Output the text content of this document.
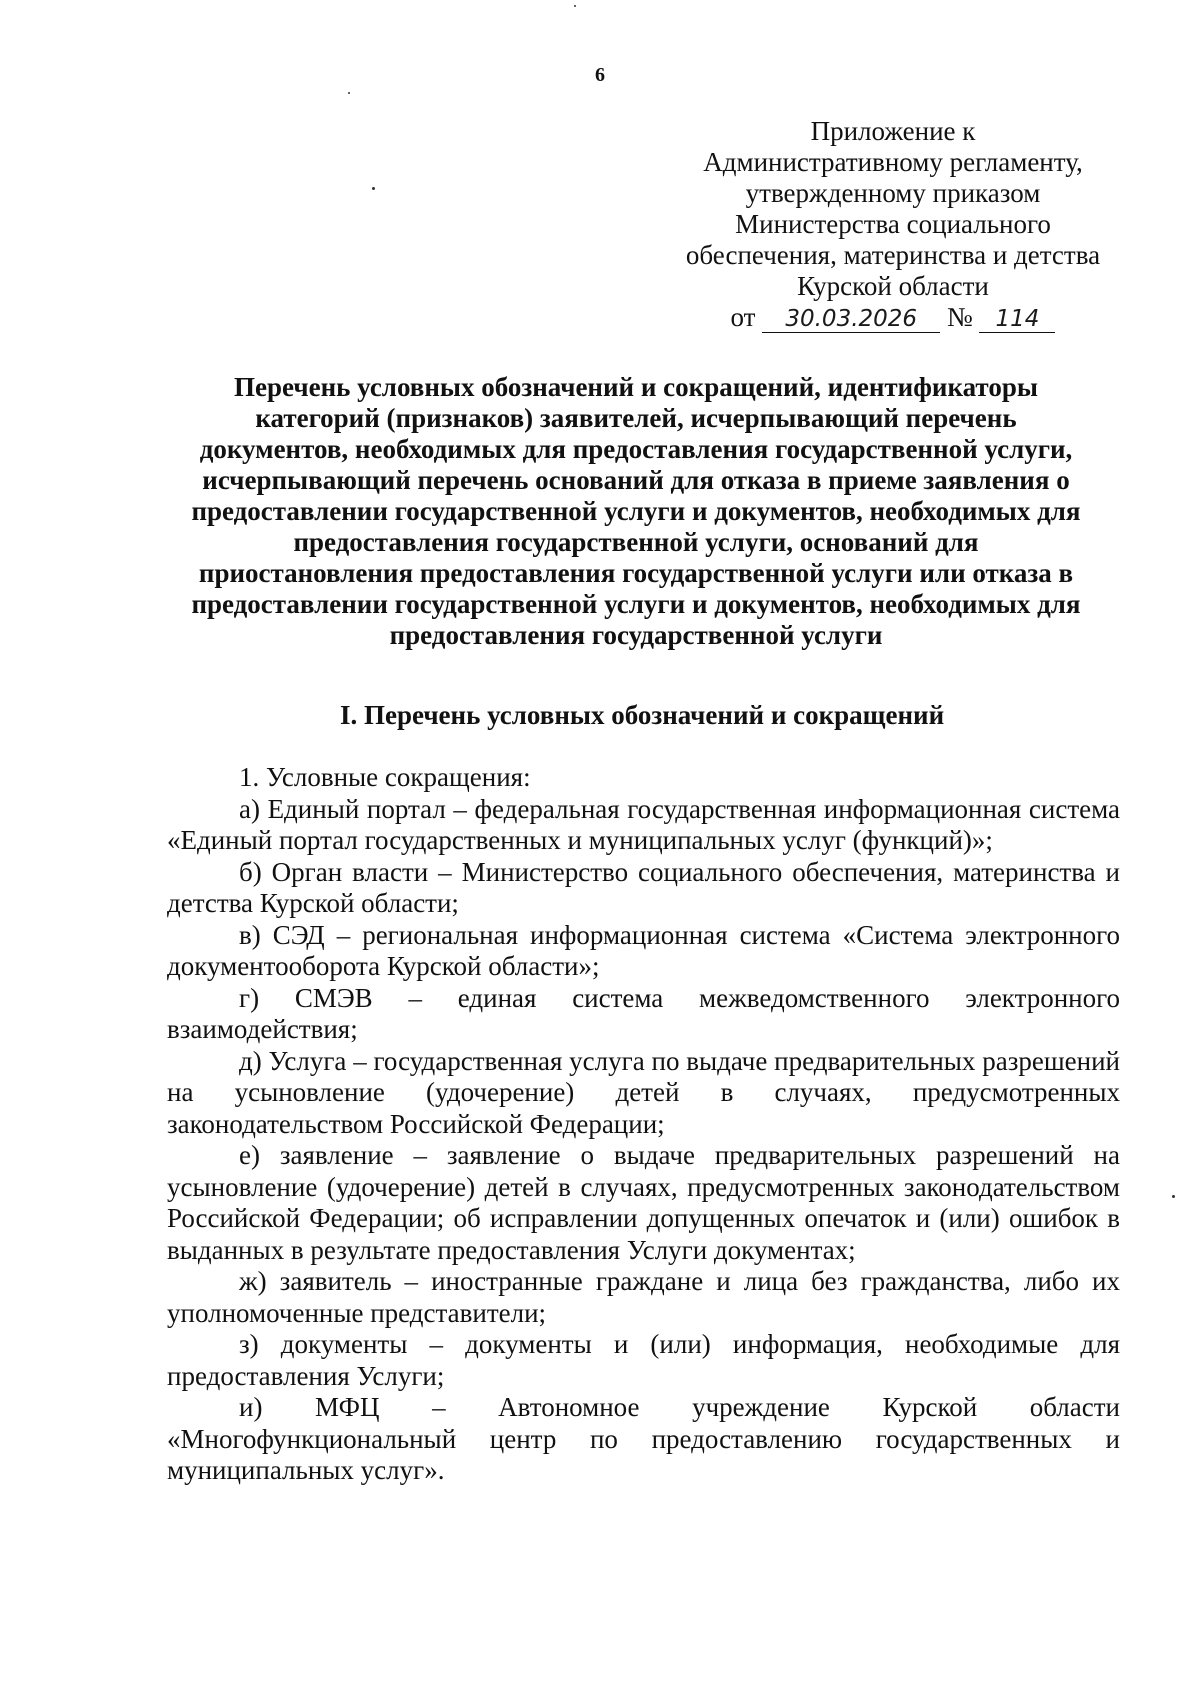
6
Приложение к
Административному регламенту,
утвержденному приказом
Министерства социального
обеспечения, материнства и детства
Курской области
от 30.03.2026 № 114
Перечень условных обозначений и сокращений, идентификаторы
категорий (признаков) заявителей, исчерпывающий перечень
документов, необходимых для предоставления государственной услуги,
исчерпывающий перечень оснований для отказа в приеме заявления о
предоставлении государственной услуги и документов, необходимых для
предоставления государственной услуги, оснований для
приостановления предоставления государственной услуги или отказа в
предоставлении государственной услуги и документов, необходимых для
предоставления государственной услуги
I. Перечень условных обозначений и сокращений
1. Условные сокращения:

а) Единый портал – федеральная государственная информационная система «Единый портал государственных и муниципальных услуг (функций)»;

б) Орган власти – Министерство социального обеспечения, материнства и детства Курской области;

в) СЭД – региональная информационная система «Система электронного документооборота Курской области»;

г) СМЭВ – единая система межведомственного электронного взаимодействия;

д) Услуга – государственная услуга по выдаче предварительных разрешений на усыновление (удочерение) детей в случаях, предусмотренных законодательством Российской Федерации;

е) заявление – заявление о выдаче предварительных разрешений на усыновление (удочерение) детей в случаях, предусмотренных законодательством Российской Федерации; об исправлении допущенных опечаток и (или) ошибок в выданных в результате предоставления Услуги документах;

ж) заявитель – иностранные граждане и лица без гражданства, либо их уполномоченные представители;

з) документы – документы и (или) информация, необходимые для предоставления Услуги;

и) МФЦ – Автономное учреждение Курской области «Многофункциональный центр по предоставлению государственных и муниципальных услуг».
